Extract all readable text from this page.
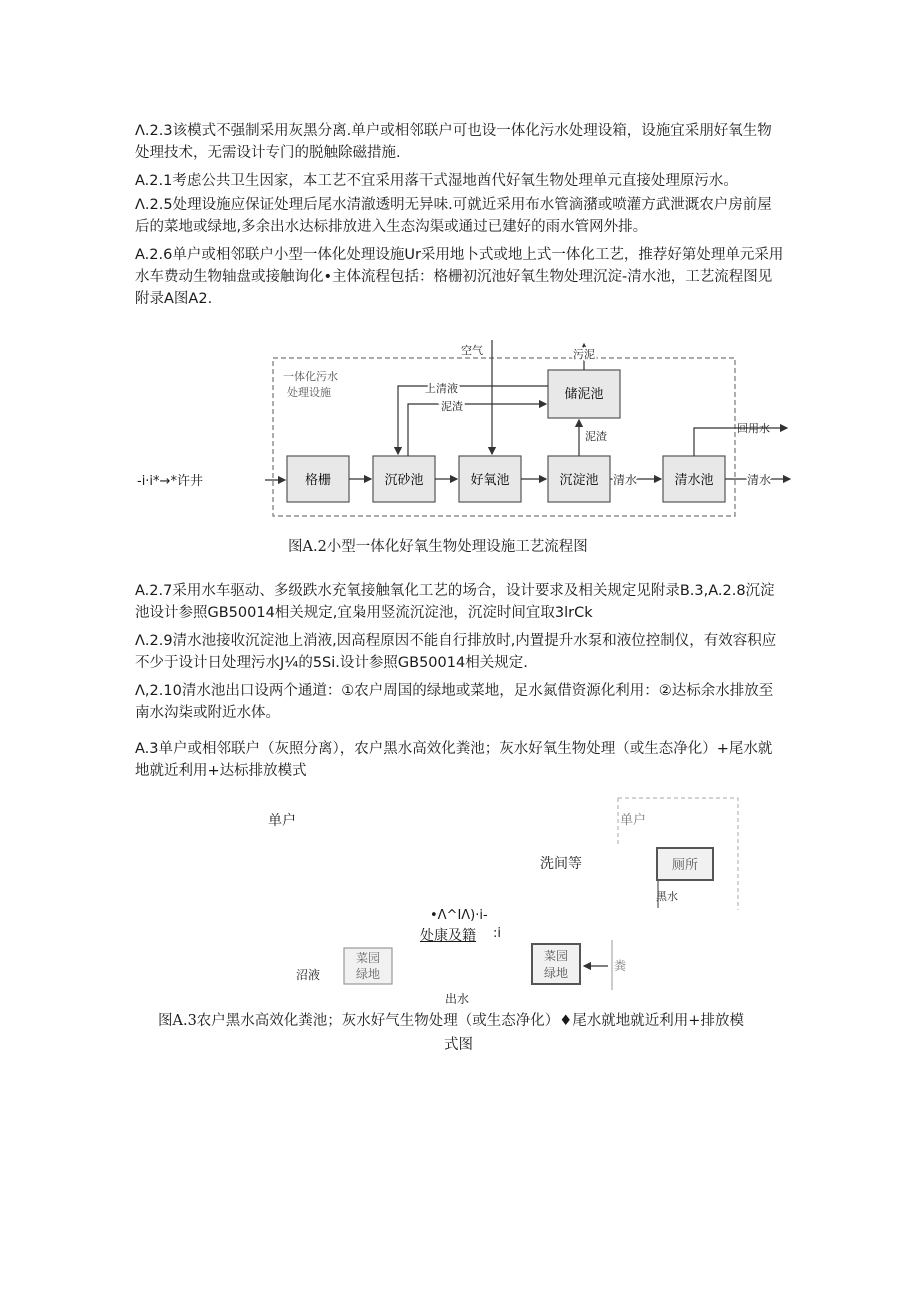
Λ.2.3该模式不强制采用灰黑分离.单户或相邻联户可也设一体化污水处理设箱，设施宜采朋好氧生物处理技术，无需设计专门的脱触除磁措施.

A.2.1考虑公共卫生因家，本工艺不宜采用落干式湿地酋代好氧生物处理单元直接处理原污水。

Λ.2.5处理设施应保证处理后尾水清澈透明无异味.可就近采用布水管滴潴或喷灌方武泄溉农户房前屋后的菜地或绿地,多余出水达标排放进入生态沟渠或通过已建好的雨水管网外排。

A.2.6单户或相邻联户小型一体化处理设施Ur采用地卜式或地上式一体化工艺，推荐好第处理单元采用水车费动生物轴盘或接触询化•主体流程包括：格栅初沉池好氧生物处理沉淀-清水池，工艺流程图见附录A图A2.

-i·i*→*许井
一体化污水
处理设施
格栅	沉砂池	好氧池	沉淀池	清水池
储泥池
清水	清水
回用水
空气	污泥
上清液
泥渣
泥渣

图A.2小型一体化好氧生物处理设施工艺流程图

A.2.7采用水车驱动、多级跌水充氧接触氧化工艺的场合，设计要求及相关规定见附录B.3,A.2.8沉淀池设计参照GB50014相关规定,宜枭用竖流沉淀池，沉淀时间宜取3lrCk

Λ.2.9清水池接收沉淀池上消液,因高程原因不能自行排放时,内置提升水泵和液位控制仪，有效容积应不少于设计日处理污水J¼的5Si.设计参照GB50014相关规定.

Λ,2.10清水池出口设两个通道：①农户周国的绿地或菜地，足水氮借资源化利用：②达标余水排放至南水沟柒或附近水体。

A.3单户或相邻联户（灰照分离），农户黑水高效化粪池；灰水好氧生物处理（或生态净化）+尾水就地就近利用+达标排放模式

单户
洗间等
•Λ^IΛ)·i-
处康及籍 :i
菜园
绿地
单户
厕所
黑水
菜园
绿地	粪
沼液
出水

图A.3农户黑水高效化粪池；灰水好气生物处理（或生态净化）♦尾水就地就近利用+排放模

式图
